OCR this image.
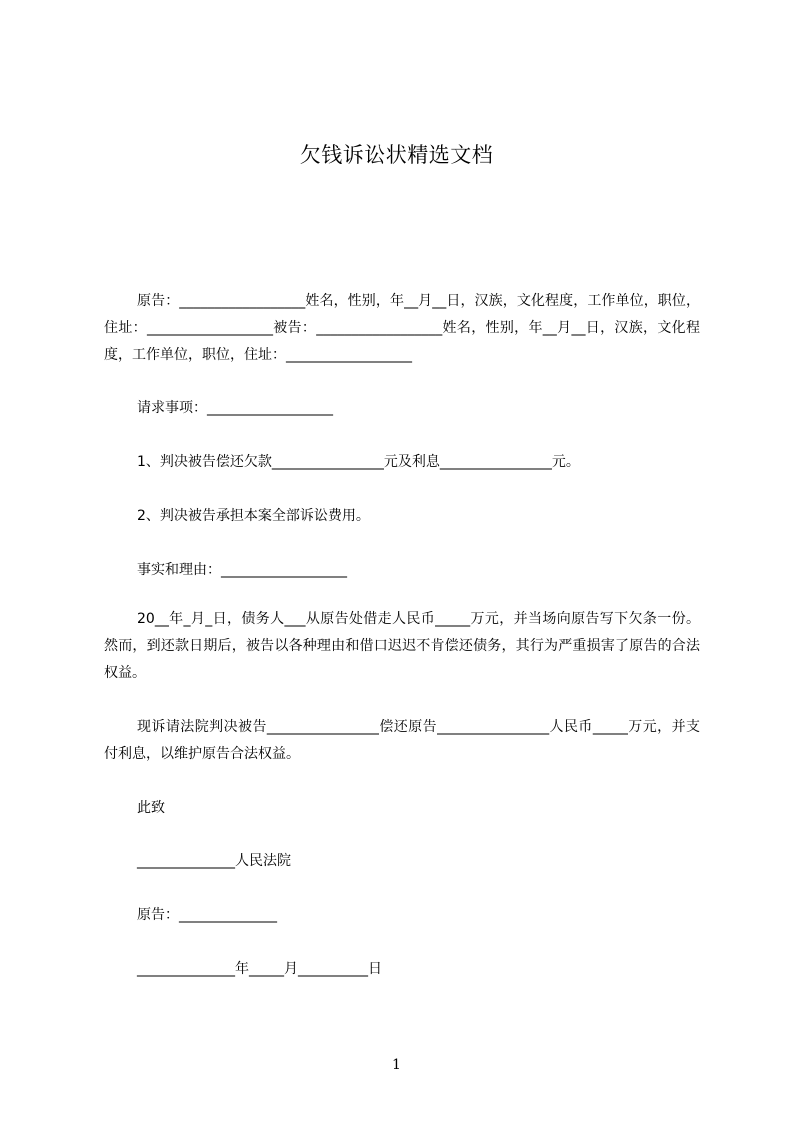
欠钱诉讼状精选文档
原告：__________________姓名，性别，年__月__日，汉族，文化程度，工作单位，职位，住址：__________________被告：__________________姓名，性别，年__月__日，汉族，文化程度，工作单位，职位，住址：__________________
请求事项：__________________
1、判决被告偿还欠款________________元及利息________________元。
2、判决被告承担本案全部诉讼费用。
事实和理由：__________________
20__年_月_日，债务人___从原告处借走人民币_____万元，并当场向原告写下欠条一份。然而，到还款日期后，被告以各种理由和借口迟迟不肯偿还债务，其行为严重损害了原告的合法权益。
现诉请法院判决被告________________偿还原告________________人民币_____万元，并支付利息，以维护原告合法权益。
此致
______________人民法院
原告：______________
______________年_____月__________日
1
